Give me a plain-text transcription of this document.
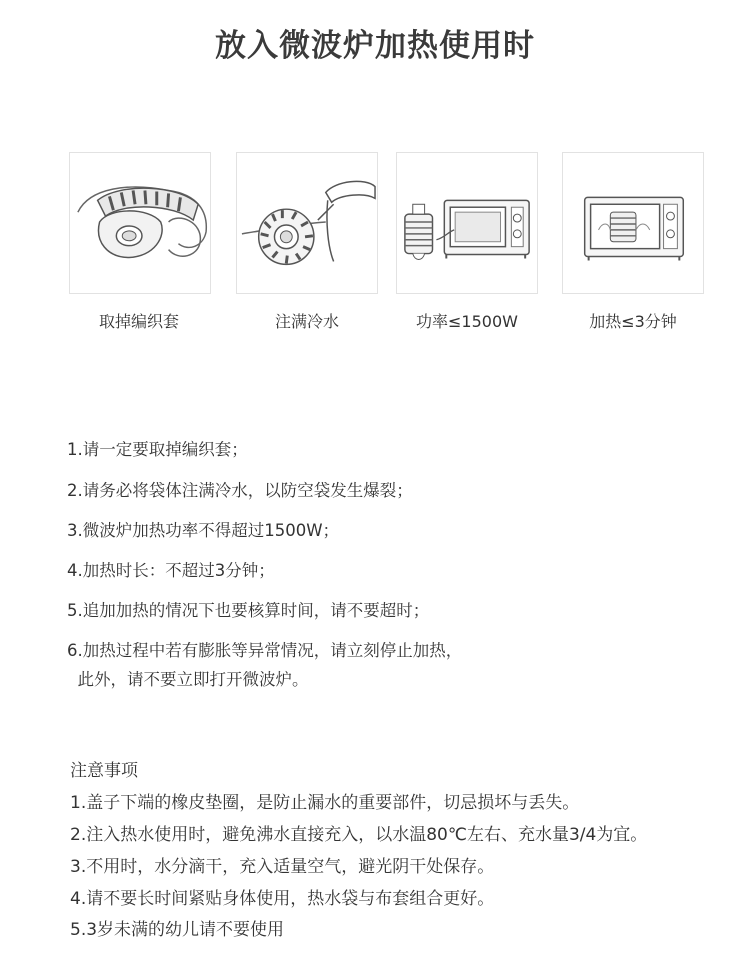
放入微波炉加热使用时
取掉编织套	注满冷水	功率≤1500W	加热≤3分钟
1.请一定要取掉编织套；
2.请务必将袋体注满冷水，以防空袋发生爆裂；
3.微波炉加热功率不得超过1500W；
4.加热时长：不超过3分钟；
5.追加加热的情况下也要核算时间，请不要超时；
6.加热过程中若有膨胀等异常情况，请立刻停止加热，
此外，请不要立即打开微波炉。
注意事项
1.盖子下端的橡皮垫圈，是防止漏水的重要部件，切忌损坏与丢失。
2.注入热水使用时，避免沸水直接充入，以水温80℃左右、充水量3/4为宜。
3.不用时，水分滴干，充入适量空气，避光阴干处保存。
4.请不要长时间紧贴身体使用，热水袋与布套组合更好。
5.3岁未满的幼儿请不要使用
